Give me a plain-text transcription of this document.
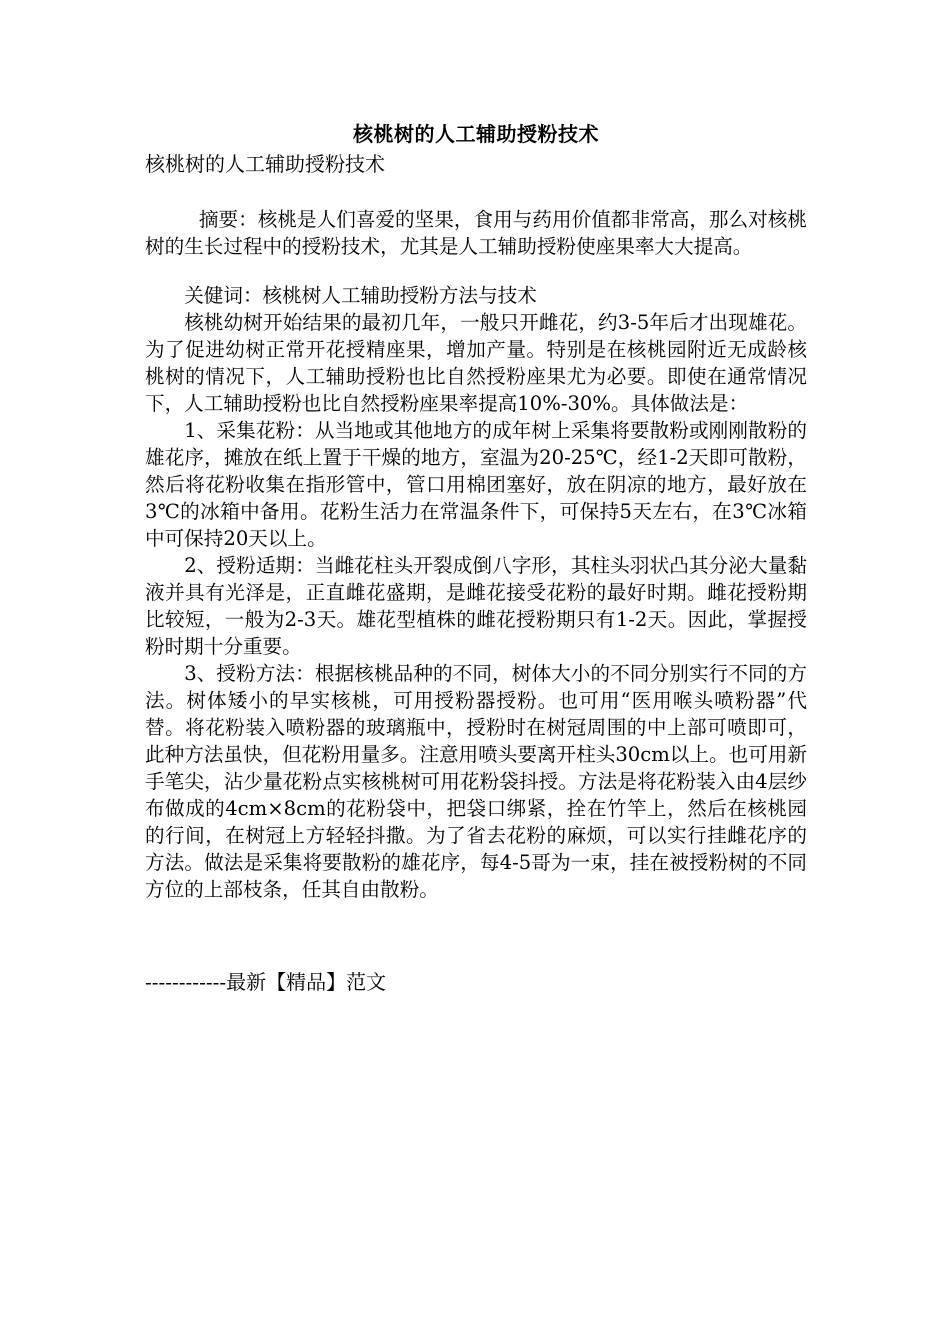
核桃树的人工辅助授粉技术

核桃树的人工辅助授粉技术

摘要：核桃是人们喜爱的坚果，食用与药用价值都非常高，那么对核桃树的生长过程中的授粉技术，尤其是人工辅助授粉使座果率大大提高。

关健词：核桃树人工辅助授粉方法与技术

核桃幼树开始结果的最初几年，一般只开雌花，约3-5年后才出现雄花。为了促进幼树正常开花授精座果，增加产量。特别是在核桃园附近无成龄核桃树的情况下，人工辅助授粉也比自然授粉座果尤为必要。即使在通常情况下，人工辅助授粉也比自然授粉座果率提高10%-30%。具体做法是：

1、采集花粉：从当地或其他地方的成年树上采集将要散粉或刚刚散粉的雄花序，摊放在纸上置于干燥的地方，室温为20-25℃，经1-2天即可散粉，然后将花粉收集在指形管中，管口用棉团塞好，放在阴凉的地方，最好放在3℃的冰箱中备用。花粉生活力在常温条件下，可保持5天左右，在3℃冰箱中可保持20天以上。

2、授粉适期：当雌花柱头开裂成倒八字形，其柱头羽状凸其分泌大量黏液并具有光泽是，正直雌花盛期，是雌花接受花粉的最好时期。雌花授粉期比较短，一般为2-3天。雄花型植株的雌花授粉期只有1-2天。因此，掌握授粉时期十分重要。

3、授粉方法：根据核桃品种的不同，树体大小的不同分别实行不同的方法。树体矮小的早实核桃，可用授粉器授粉。也可用“医用喉头喷粉器”代替。将花粉装入喷粉器的玻璃瓶中，授粉时在树冠周围的中上部可喷即可，此种方法虽快，但花粉用量多。注意用喷头要离开柱头30cm以上。也可用新手笔尖，沾少量花粉点实核桃树可用花粉袋抖授。方法是将花粉装入由4层纱布做成的4cm×8cm的花粉袋中，把袋口绑紧，拴在竹竿上，然后在核桃园的行间，在树冠上方轻轻抖撒。为了省去花粉的麻烦，可以实行挂雌花序的方法。做法是采集将要散粉的雄花序，每4-5哥为一束，挂在被授粉树的不同方位的上部枝条，任其自由散粉。

------------最新【精品】范文
